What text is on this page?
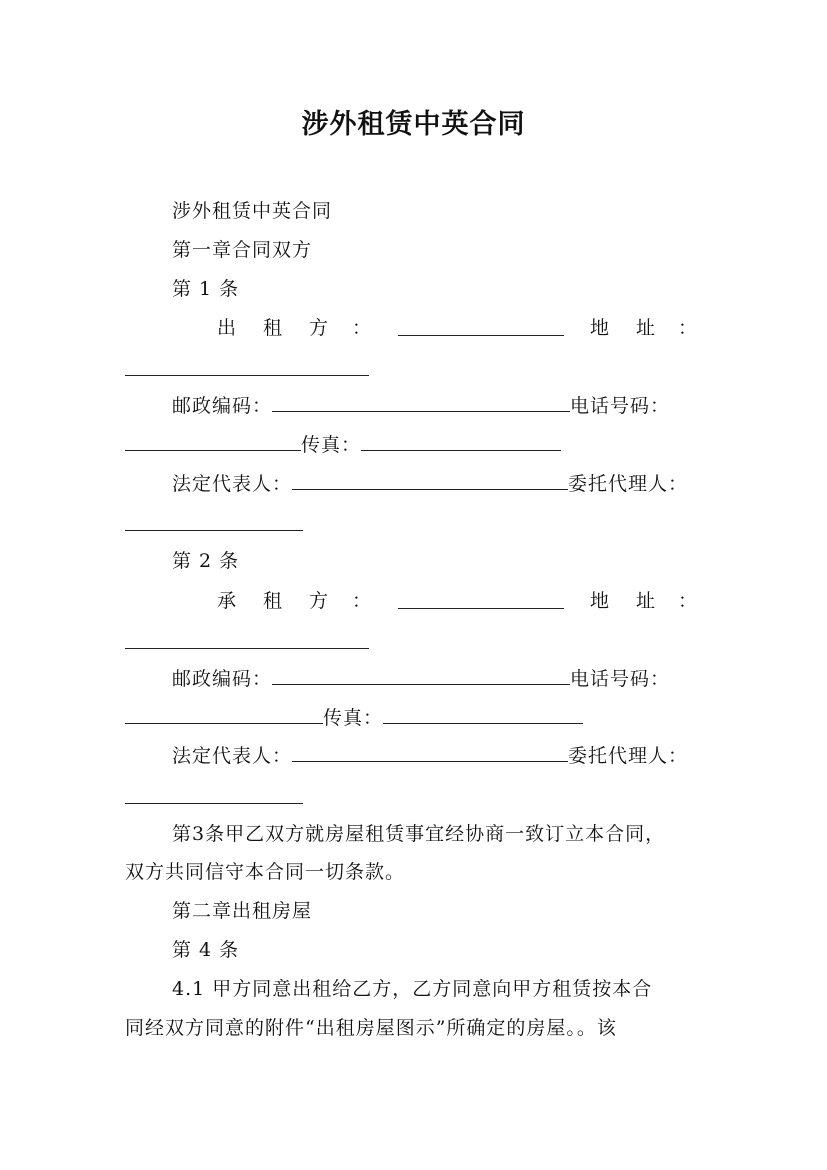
涉外租赁中英合同
涉外租赁中英合同
第一章合同双方
第 1 条
出 租 方 ：	地 址 ：
邮政编码：	电话号码：
传真：
法定代表人：	委托代理人：
第 2 条
承 租 方 ：	地 址 ：
邮政编码：	电话号码：
传真：
法定代表人：	委托代理人：
第3条甲乙双方就房屋租赁事宜经协商一致订立本合同，
双方共同信守本合同一切条款。
第二章出租房屋
第 4 条
4.1 甲方同意出租给乙方，乙方同意向甲方租赁按本合
同经双方同意的附件“出租房屋图示”所确定的房屋。。该
